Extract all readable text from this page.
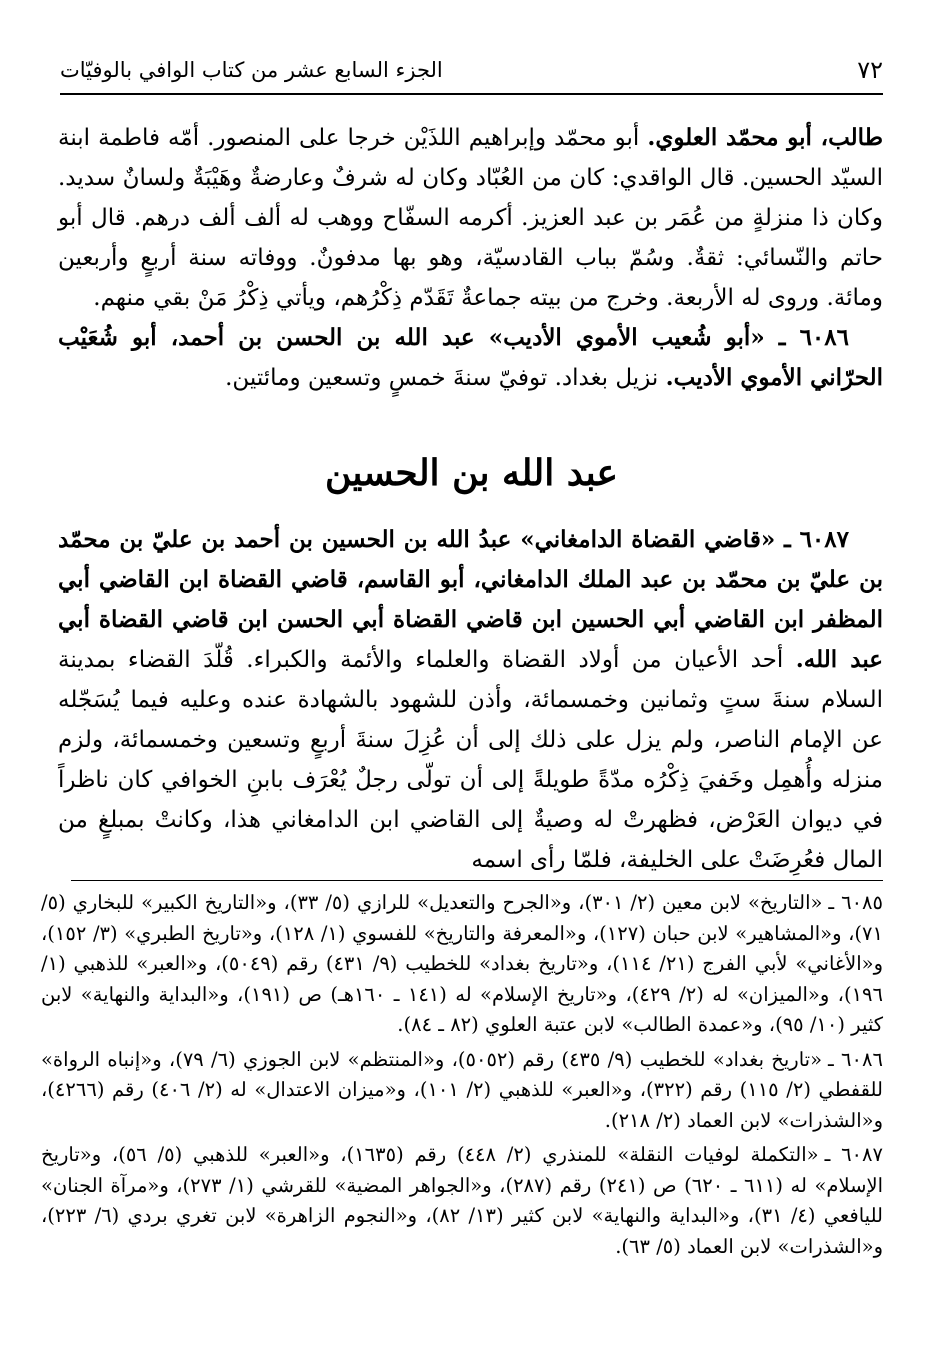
٧٢
الجزء السابع عشر من كتاب الوافي بالوفيّات

طالب، أبو محمّد العلوي. أبو محمّد وإبراهيم اللذَيْن خرجا على المنصور. أمّه فاطمة ابنة السيّد الحسين. قال الواقدي: كان من العُبّاد وكان له شرفٌ وعارضةٌ وهَيْبَةٌ ولسانٌ سديد. وكان ذا منزلةٍ من عُمَر بن عبد العزيز. أكرمه السفّاح ووهب له ألف ألف درهم. قال أبو حاتم والنّسائي: ثقةٌ. وسُمّ بباب القادسيّة، وهو بها مدفونٌ. ووفاته سنة أربعٍ وأربعين ومائة. وروى له الأربعة. وخرج من بيته جماعةٌ تَقَدّم ذِكْرُهم، ويأتي ذِكْرُ مَنْ بقي منهم.

٦٠٨٦ ـ «أبو شُعيب الأموي الأديب» عبد الله بن الحسن بن أحمد، أبو شُعَيْب الحرّاني الأموي الأديب. نزيل بغداد. توفيّ سنةَ خمسٍ وتسعين ومائتين.

عبد الله بن الحسين

٦٠٨٧ ـ «قاضي القضاة الدامغاني» عبدُ الله بن الحسين بن أحمد بن عليّ بن محمّد بن عليّ بن محمّد بن عبد الملك الدامغاني، أبو القاسم، قاضي القضاة ابن القاضي أبي المظفر ابن القاضي أبي الحسين ابن قاضي القضاة أبي الحسن ابن قاضي القضاة أبي عبد الله. أحد الأعيان من أولاد القضاة والعلماء والأئمة والكبراء. قُلّدَ القضاء بمدينة السلام سنةَ ستٍ وثمانين وخمسمائة، وأذن للشهود بالشهادة عنده وعليه فيما يُسَجّله عن الإمام الناصر، ولم يزل على ذلك إلى أن عُزِلَ سنةَ أربعٍ وتسعين وخمسمائة، ولزم منزله وأُهمِل وخَفيَ ذِكْرُه مدّةً طويلةً إلى أن تولّى رجلٌ يُعْرَف بابنِ الخوافي كان ناظراً في ديوان العَرْض، فظهرتْ له وصيةٌ إلى القاضي ابن الدامغاني هذا، وكانتْ بمبلغٍ من المال فعُرِضَتْ على الخليفة، فلمّا رأى اسمه

٦٠٨٥ ـ«التاريخ» لابن معين (٢/ ٣٠١)، و«الجرح والتعديل» للرازي (٥/ ٣٣)، و«التاريخ الكبير» للبخاري (٥/ ٧١)، و«المشاهير» لابن حبان (١٢٧)، و«المعرفة والتاريخ» للفسوي (١/ ١٢٨)، و«تاريخ الطبري» (٣/ ١٥٢)، و«الأغاني» لأبي الفرج (٢١/ ١١٤)، و«تاريخ بغداد» للخطيب (٩/ ٤٣١) رقم (٥٠٤٩)، و«العبر» للذهبي (١/ ١٩٦)، و«الميزان» له (٢/ ٤٢٩)، و«تاريخ الإسلام» له (١٤١ ـ ١٦٠هـ) ص (١٩١)، و«البداية والنهاية» لابن كثير (١٠/ ٩٥)، و«عمدة الطالب» لابن عتبة العلوي (٨٢ ـ ٨٤).

٦٠٨٦ ـ«تاريخ بغداد» للخطيب (٩/ ٤٣٥) رقم (٥٠٥٢)، و«المنتظم» لابن الجوزي (٦/ ٧٩)، و«إنباه الرواة» للقفطي (٢/ ١١٥) رقم (٣٢٢)، و«العبر» للذهبي (٢/ ١٠١)، و«ميزان الاعتدال» له (٢/ ٤٠٦) رقم (٤٢٦٦)، و«الشذرات» لابن العماد (٢/ ٢١٨).

٦٠٨٧ ـ«التكملة لوفيات النقلة» للمنذري (٢/ ٤٤٨) رقم (١٦٣٥)، و«العبر» للذهبي (٥/ ٥٦)، و«تاريخ الإسلام» له (٦١١ ـ ٦٢٠) ص (٢٤١) رقم (٢٨٧)، و«الجواهر المضية» للقرشي (١/ ٢٧٣)، و«مرآة الجنان» لليافعي (٤/ ٣١)، و«البداية والنهاية» لابن كثير (١٣/ ٨٢)، و«النجوم الزاهرة» لابن تغري بردي (٦/ ٢٢٣)، و«الشذرات» لابن العماد (٥/ ٦٣).
